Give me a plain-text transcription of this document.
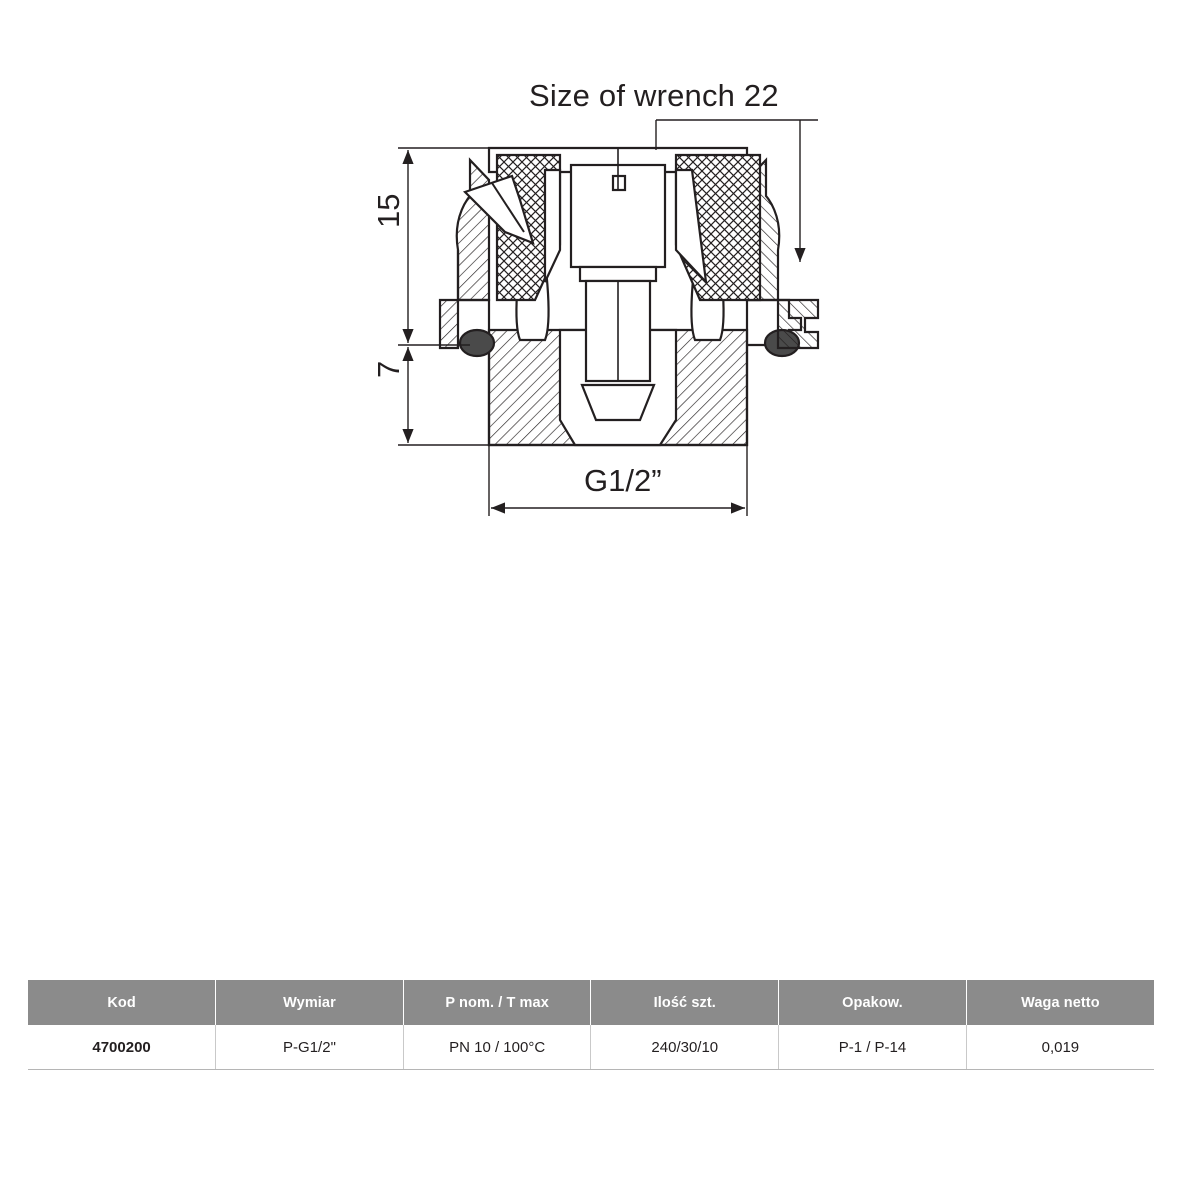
Size of wrench 22
G1/2”
15
7
Kod	Wymiar	P nom. / T max	Ilość szt.	Opakow.	Waga netto
4700200	P-G1/2"	PN 10 / 100°C	240/30/10	P-1 / P-14	0,019
